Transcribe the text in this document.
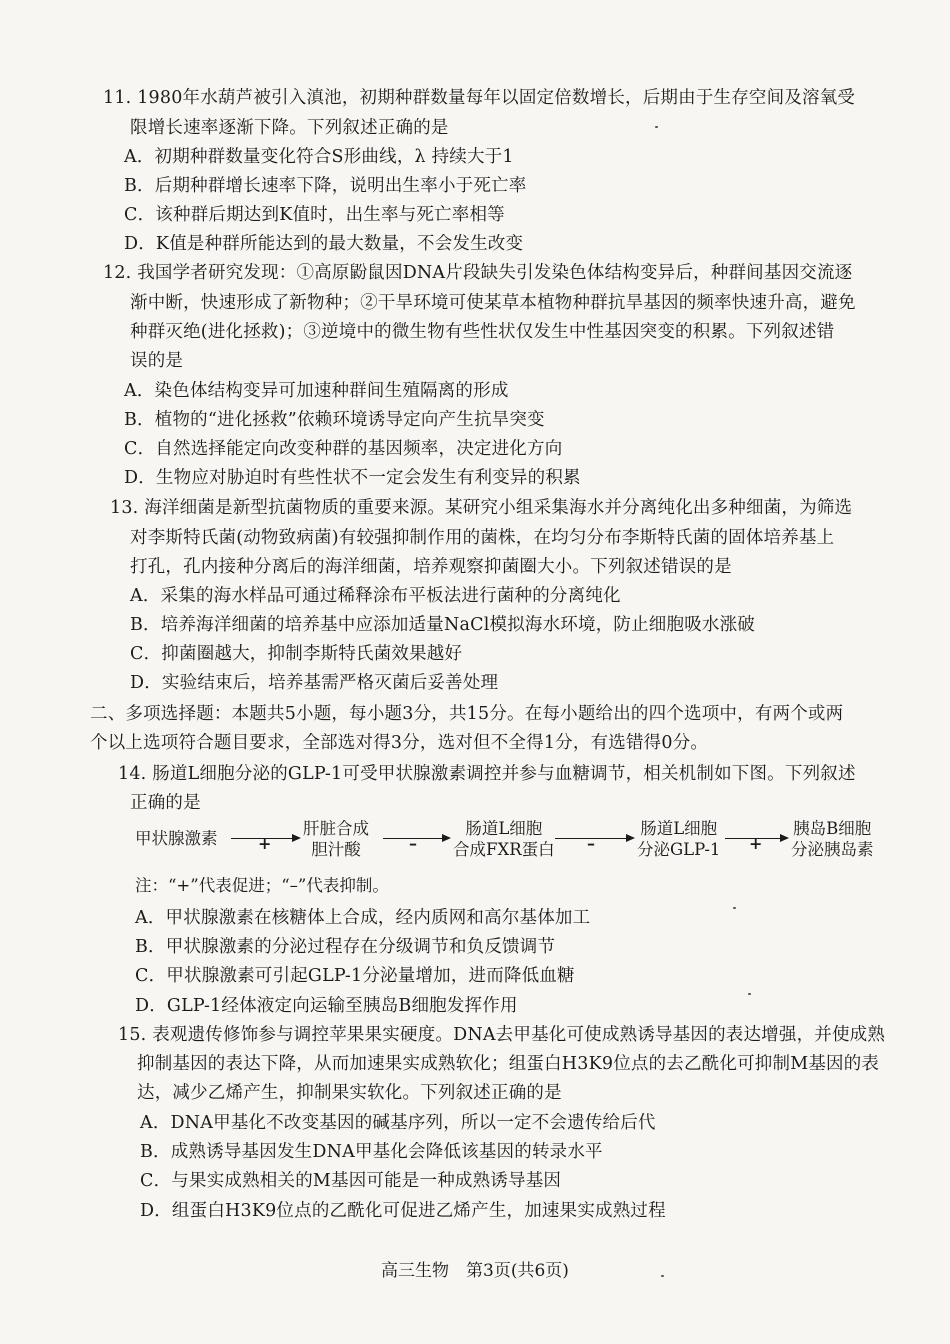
11. 1980年水葫芦被引入滇池，初期种群数量每年以固定倍数增长，后期由于生存空间及溶氧受
限增长速率逐渐下降。下列叙述正确的是
A．初期种群数量变化符合S形曲线，λ 持续大于1
B．后期种群增长速率下降，说明出生率小于死亡率
C．该种群后期达到K值时，出生率与死亡率相等
D．K值是种群所能达到的最大数量，不会发生改变
12. 我国学者研究发现：①高原鼢鼠因DNA片段缺失引发染色体结构变异后，种群间基因交流逐
渐中断，快速形成了新物种；②干旱环境可使某草本植物种群抗旱基因的频率快速升高，避免
种群灭绝(进化拯救)；③逆境中的微生物有些性状仅发生中性基因突变的积累。下列叙述错
误的是
A．染色体结构变异可加速种群间生殖隔离的形成
B．植物的“进化拯救”依赖环境诱导定向产生抗旱突变
C．自然选择能定向改变种群的基因频率，决定进化方向
D．生物应对胁迫时有些性状不一定会发生有利变异的积累
13. 海洋细菌是新型抗菌物质的重要来源。某研究小组采集海水并分离纯化出多种细菌，为筛选
对李斯特氏菌(动物致病菌)有较强抑制作用的菌株，在均匀分布李斯特氏菌的固体培养基上
打孔，孔内接种分离后的海洋细菌，培养观察抑菌圈大小。下列叙述错误的是
A．采集的海水样品可通过稀释涂布平板法进行菌种的分离纯化
B．培养海洋细菌的培养基中应添加适量NaCl模拟海水环境，防止细胞吸水涨破
C．抑菌圈越大，抑制李斯特氏菌效果越好
D．实验结束后，培养基需严格灭菌后妥善处理
二、多项选择题：本题共5小题，每小题3分，共15分。在每小题给出的四个选项中，有两个或两
个以上选项符合题目要求，全部选对得3分，选对但不全得1分，有选错得0分。
14. 肠道L细胞分泌的GLP-1可受甲状腺激素调控并参与血糖调节，相关机制如下图。下列叙述
正确的是
甲状腺激素	+
肝脏合成
胆汁酸	–
肠道L细胞
合成FXR蛋白 –
肠道L细胞
分泌GLP-1 +
胰岛B细胞
分泌胰岛素
注：“+”代表促进；“–”代表抑制。
A．甲状腺激素在核糖体上合成，经内质网和高尔基体加工
B．甲状腺激素的分泌过程存在分级调节和负反馈调节
C．甲状腺激素可引起GLP-1分泌量增加，进而降低血糖
D．GLP-1经体液定向运输至胰岛B细胞发挥作用
15. 表观遗传修饰参与调控苹果果实硬度。DNA去甲基化可使成熟诱导基因的表达增强，并使成熟
抑制基因的表达下降，从而加速果实成熟软化；组蛋白H3K9位点的去乙酰化可抑制M基因的表
达，减少乙烯产生，抑制果实软化。下列叙述正确的是
A．DNA甲基化不改变基因的碱基序列，所以一定不会遗传给后代
B．成熟诱导基因发生DNA甲基化会降低该基因的转录水平
C．与果实成熟相关的M基因可能是一种成熟诱导基因
D．组蛋白H3K9位点的乙酰化可促进乙烯产生，加速果实成熟过程
高三生物　第3页(共6页)
